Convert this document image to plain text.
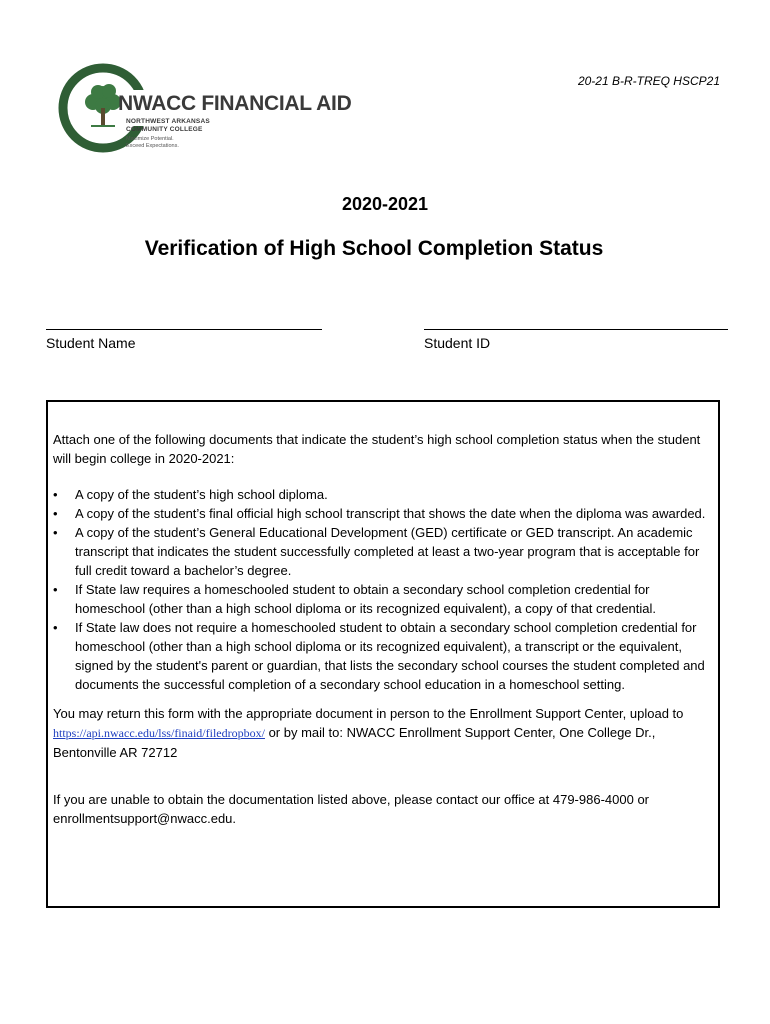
20-21 B-R-TREQ HSCP21
NWACC FINANCIAL AID
NORTHWEST ARKANSAS
COMMUNITY COLLEGE
Maximize Potential.
Exceed Expectations.
2020-2021
Verification of High School Completion Status
Student Name	Student ID

Attach one of the following documents that indicate the student’s high school completion status when the student will begin college in 2020-2021:

• A copy of the student’s high school diploma.
• A copy of the student’s final official high school transcript that shows the date when the diploma was awarded.
• A copy of the student’s General Educational Development (GED) certificate or GED transcript. An academic transcript that indicates the student successfully completed at least a two-year program that is acceptable for full credit toward a bachelor’s degree.
• If State law requires a homeschooled student to obtain a secondary school completion credential for homeschool (other than a high school diploma or its recognized equivalent), a copy of that credential.
• If State law does not require a homeschooled student to obtain a secondary school completion credential for homeschool (other than a high school diploma or its recognized equivalent), a transcript or the equivalent, signed by the student's parent or guardian, that lists the secondary school courses the student completed and documents the successful completion of a secondary school education in a homeschool setting.

You may return this form with the appropriate document in person to the Enrollment Support Center, upload to https://api.nwacc.edu/lss/finaid/filedropbox/ or by mail to: NWACC Enrollment Support Center, One College Dr., Bentonville AR 72712

If you are unable to obtain the documentation listed above, please contact our office at 479-986-4000 or enrollmentsupport@nwacc.edu.
